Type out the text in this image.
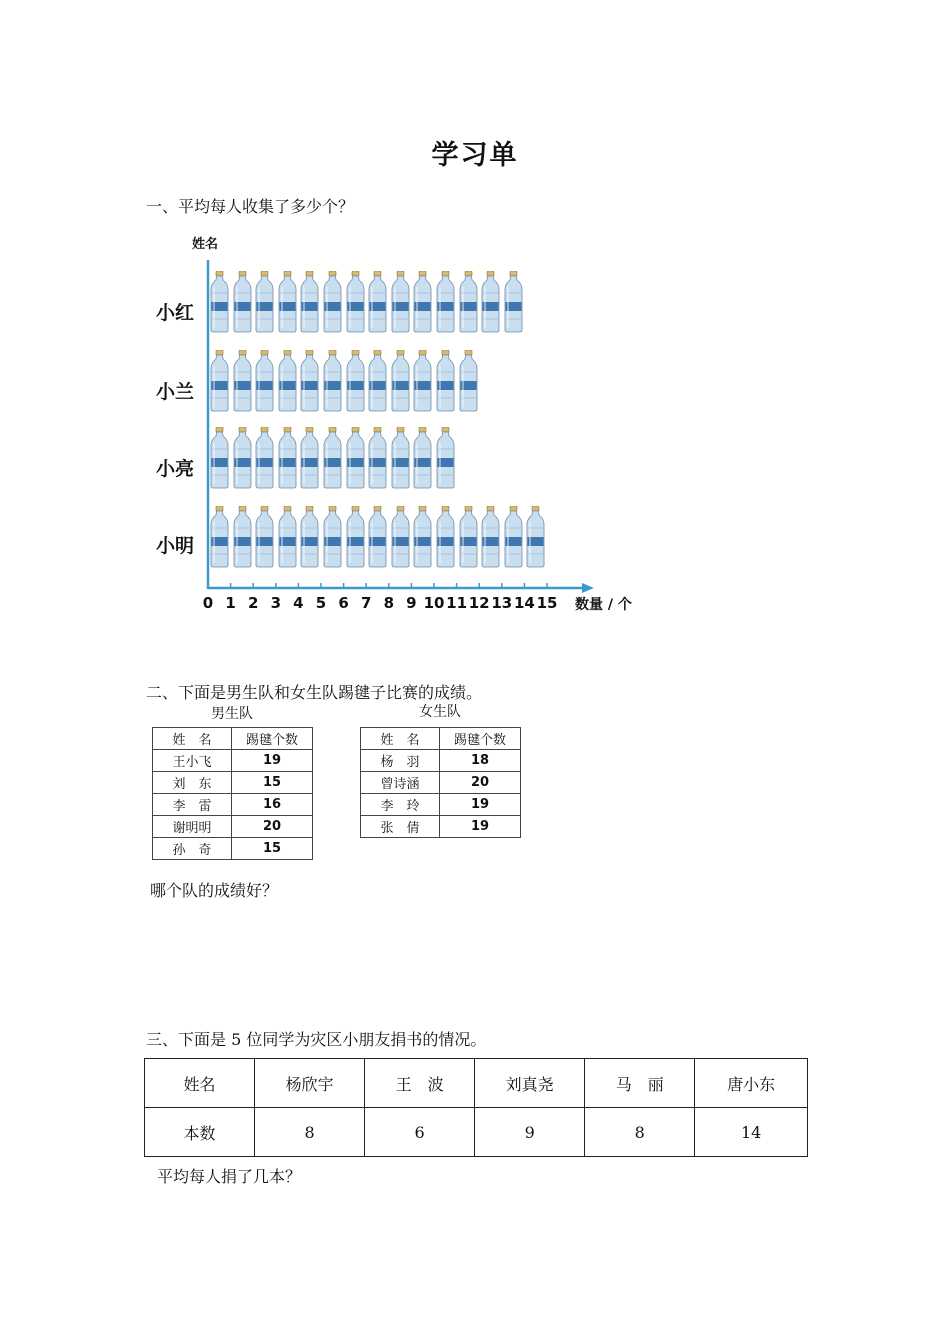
学习单
一、平均每人收集了多少个？
姓名
小红
小兰
小亮
小明
0 1 2 3 4 5 6 7 8 9 10 11 12 13 14 15 数量 / 个
二、下面是男生队和女生队踢毽子比赛的成绩。
男生队
姓　名	踢毽个数
王小飞	19
刘　东	15
李　雷	16
谢明明	20
孙　奇	15
女生队
姓　名	踢毽个数
杨　羽	18
曾诗涵	20
李　玲	19
张　倩	19
哪个队的成绩好？
三、下面是 5 位同学为灾区小朋友捐书的情况。
姓名	杨欣宇	王　波	刘真尧	马　丽	唐小东
本数	8	6	9	8	14
平均每人捐了几本？
